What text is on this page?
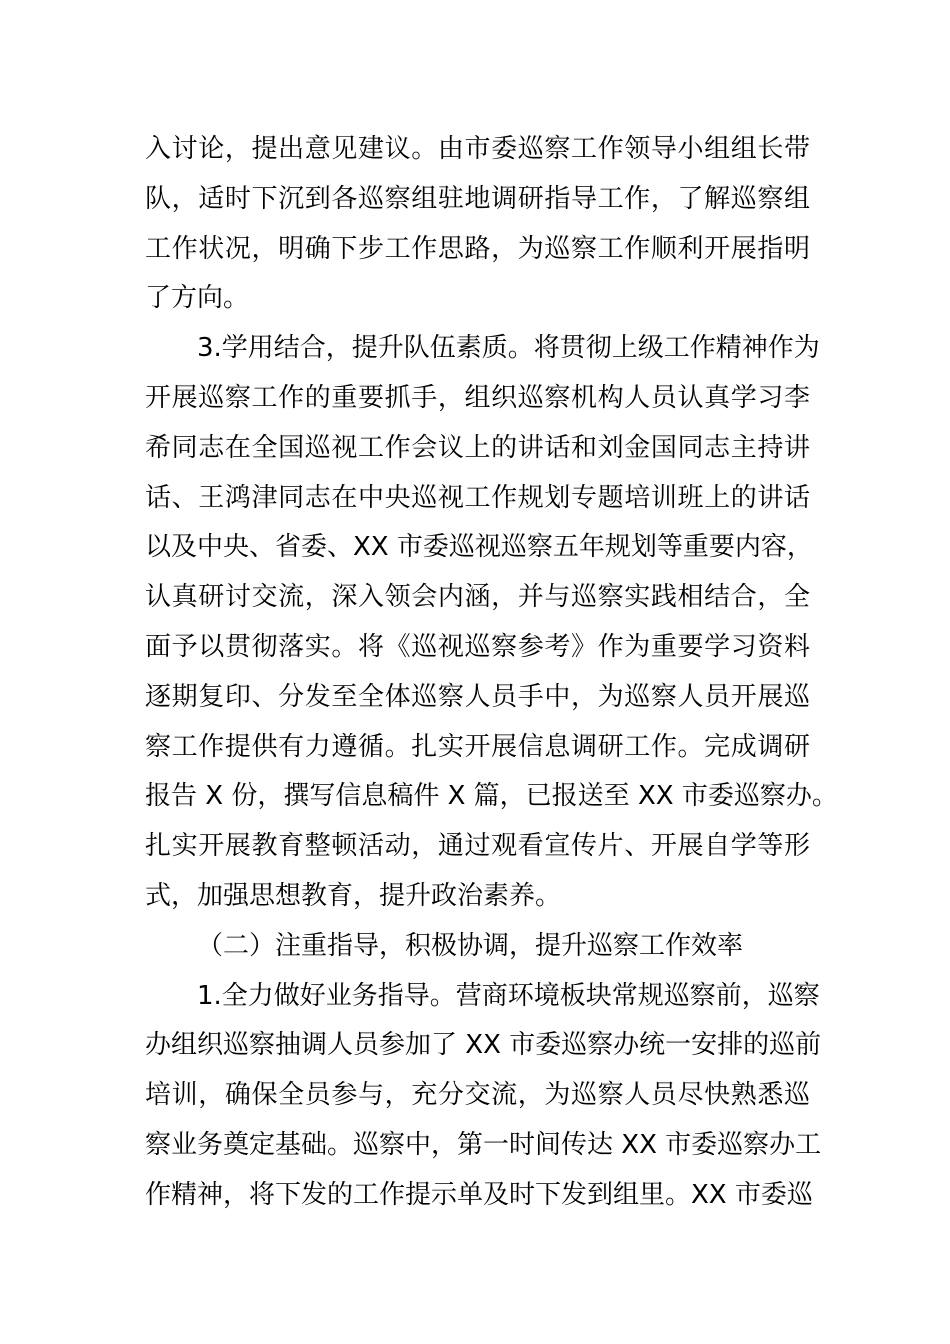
入讨论，提出意见建议。由市委巡察工作领导小组组长带
队，适时下沉到各巡察组驻地调研指导工作，了解巡察组
工作状况，明确下步工作思路，为巡察工作顺利开展指明
了方向。
3.学用结合，提升队伍素质。将贯彻上级工作精神作为
开展巡察工作的重要抓手，组织巡察机构人员认真学习李
希同志在全国巡视工作会议上的讲话和刘金国同志主持讲
话、王鸿津同志在中央巡视工作规划专题培训班上的讲话
以及中央、省委、XX 市委巡视巡察五年规划等重要内容，
认真研讨交流，深入领会内涵，并与巡察实践相结合，全
面予以贯彻落实。将《巡视巡察参考》作为重要学习资料
逐期复印、分发至全体巡察人员手中，为巡察人员开展巡
察工作提供有力遵循。扎实开展信息调研工作。完成调研
报告 X 份，撰写信息稿件 X 篇，已报送至 XX 市委巡察办。
扎实开展教育整顿活动，通过观看宣传片、开展自学等形
式，加强思想教育，提升政治素养。
（二）注重指导，积极协调，提升巡察工作效率
1.全力做好业务指导。营商环境板块常规巡察前，巡察
办组织巡察抽调人员参加了 XX 市委巡察办统一安排的巡前
培训，确保全员参与，充分交流，为巡察人员尽快熟悉巡
察业务奠定基础。巡察中，第一时间传达 XX 市委巡察办工
作精神，将下发的工作提示单及时下发到组里。XX 市委巡
